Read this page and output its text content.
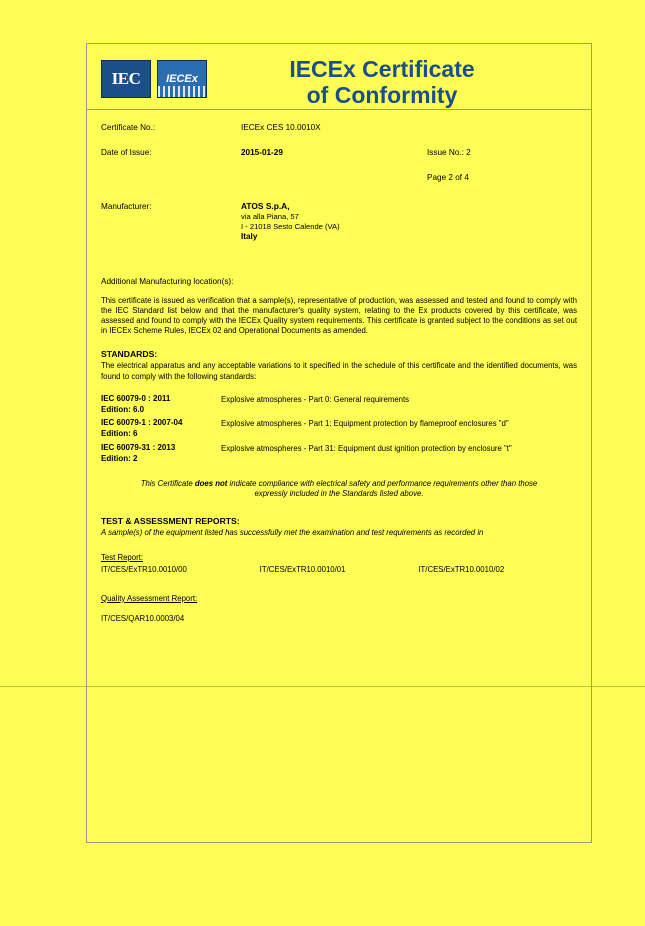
IEC	IECEx	IECEx Certificate
of Conformity
Certificate No.:	IECEx CES 10.0010X
Date of Issue:	2015-01-29	Issue No.: 2
Page 2 of 4
Manufacturer:	ATOS S.p.A,
via alla Piana, 57
I - 21018 Sesto Calende (VA)
Italy
Additional Manufacturing location(s):
This certificate is issued as verification that a sample(s), representative of production, was assessed and tested and found to comply with the IEC Standard list below and that the manufacturer's quality system, relating to the Ex products covered by this certificate, was assessed and found to comply with the IECEx Quality system requirements. This certificate is granted subject to the conditions as set out in IECEx Scheme Rules, IECEx 02 and Operational Documents as amended.
STANDARDS:
The electrical apparatus and any acceptable variations to it specified in the schedule of this certificate and the identified documents, was found to comply with the following standards:
IEC 60079-0 : 2011
Edition: 6.0
Explosive atmospheres - Part 0: General requirements
IEC 60079-1 : 2007-04
Edition: 6
Explosive atmospheres - Part 1: Equipment protection by flameproof enclosures "d"
IEC 60079-31 : 2013
Edition: 2
Explosive atmospheres - Part 31: Equipment dust ignition protection by enclosure "t"
This Certificate does not indicate compliance with electrical safety and performance requirements other than those
expressly included in the Standards listed above.
TEST & ASSESSMENT REPORTS:
A sample(s) of the equipment listed has successfully met the examination and test requirements as recorded in
Test Report:
IT/CES/ExTR10.0010/00	IT/CES/ExTR10.0010/01	IT/CES/ExTR10.0010/02
Quality Assessment Report:
IT/CES/QAR10.0003/04
